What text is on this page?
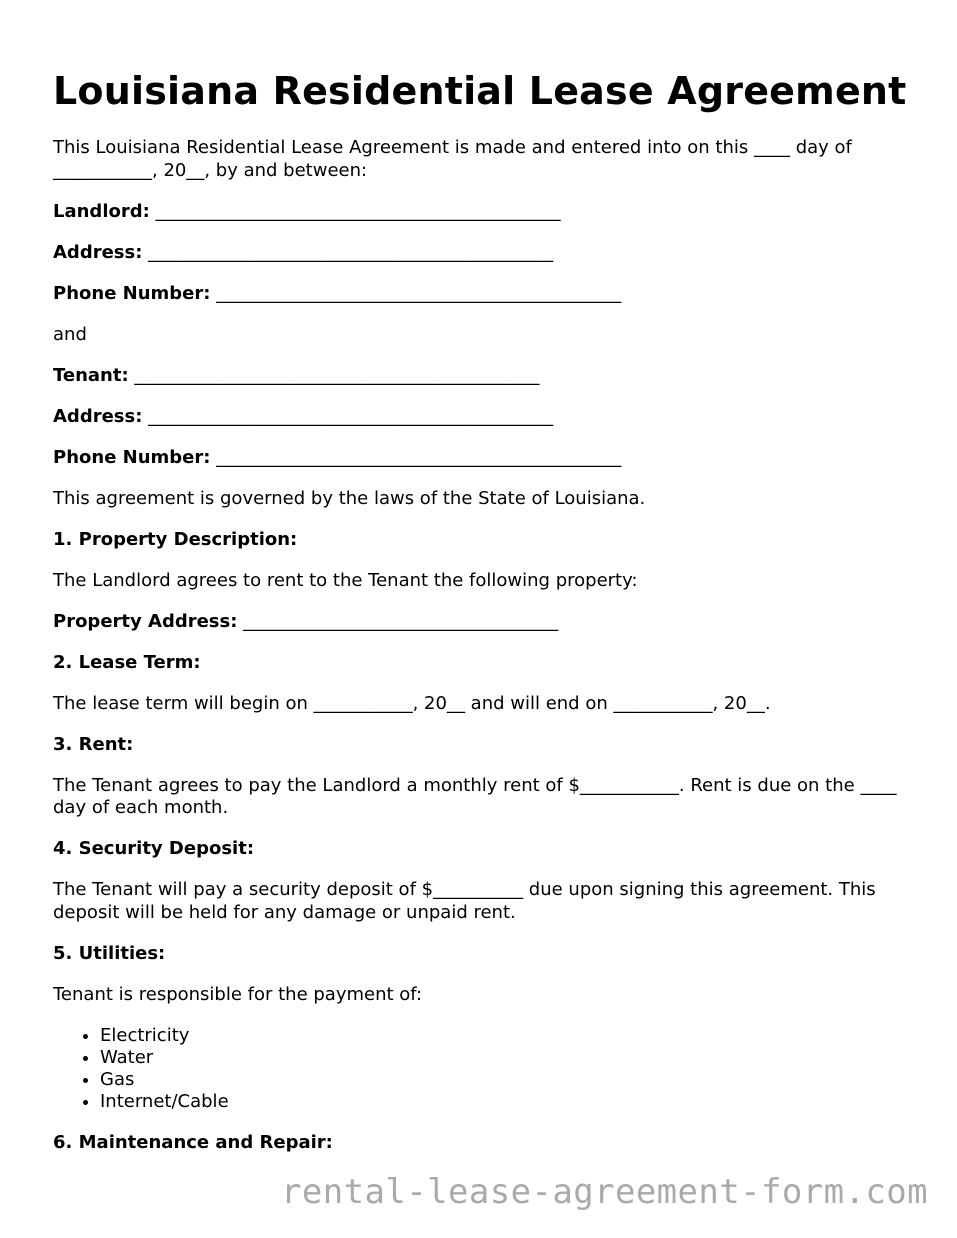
Louisiana Residential Lease Agreement

This Louisiana Residential Lease Agreement is made and entered into on this ____ day of ___________, 20__, by and between:

Landlord: _____________________________________________

Address: _____________________________________________

Phone Number: _____________________________________________

and

Tenant: _____________________________________________

Address: _____________________________________________

Phone Number: _____________________________________________

This agreement is governed by the laws of the State of Louisiana.

1. Property Description:

The Landlord agrees to rent to the Tenant the following property:

Property Address: ___________________________________

2. Lease Term:

The lease term will begin on ___________, 20__ and will end on ___________, 20__.

3. Rent:

The Tenant agrees to pay the Landlord a monthly rent of $___________. Rent is due on the ____ day of each month.

4. Security Deposit:

The Tenant will pay a security deposit of $__________ due upon signing this agreement. This deposit will be held for any damage or unpaid rent.

5. Utilities:

Tenant is responsible for the payment of:

• Electricity
• Water
• Gas
• Internet/Cable

6. Maintenance and Repair:

rental-lease-agreement-form.com
